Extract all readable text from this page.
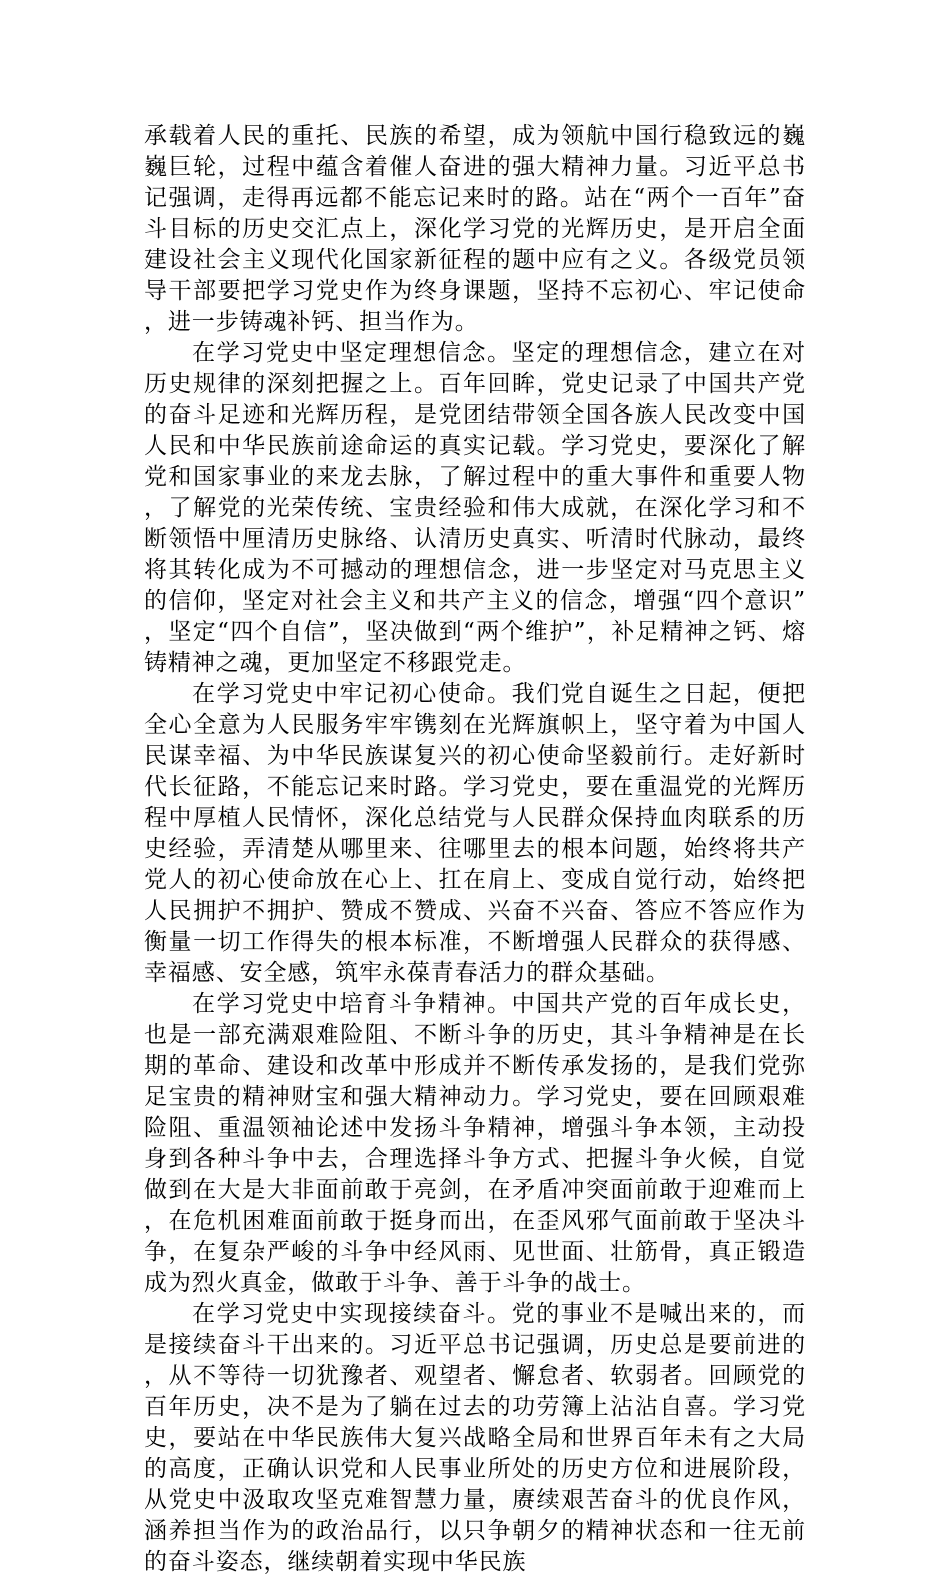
承载着人民的重托、民族的希望，成为领航中国行稳致远的巍巍巨轮，过程中蕴含着催人奋进的强大精神力量。习近平总书记强调，走得再远都不能忘记来时的路。站在“两个一百年”奋斗目标的历史交汇点上，深化学习党的光辉历史，是开启全面建设社会主义现代化国家新征程的题中应有之义。各级党员领导干部要把学习党史作为终身课题，坚持不忘初心、牢记使命，进一步铸魂补钙、担当作为。

在学习党史中坚定理想信念。坚定的理想信念，建立在对历史规律的深刻把握之上。百年回眸，党史记录了中国共产党的奋斗足迹和光辉历程，是党团结带领全国各族人民改变中国人民和中华民族前途命运的真实记载。学习党史，要深化了解党和国家事业的来龙去脉，了解过程中的重大事件和重要人物，了解党的光荣传统、宝贵经验和伟大成就，在深化学习和不断领悟中厘清历史脉络、认清历史真实、听清时代脉动，最终将其转化成为不可撼动的理想信念，进一步坚定对马克思主义的信仰，坚定对社会主义和共产主义的信念，增强“四个意识”，坚定“四个自信”，坚决做到“两个维护”，补足精神之钙、熔铸精神之魂，更加坚定不移跟党走。

在学习党史中牢记初心使命。我们党自诞生之日起，便把全心全意为人民服务牢牢镌刻在光辉旗帜上，坚守着为中国人民谋幸福、为中华民族谋复兴的初心使命坚毅前行。走好新时代长征路，不能忘记来时路。学习党史，要在重温党的光辉历程中厚植人民情怀，深化总结党与人民群众保持血肉联系的历史经验，弄清楚从哪里来、往哪里去的根本问题，始终将共产党人的初心使命放在心上、扛在肩上、变成自觉行动，始终把人民拥护不拥护、赞成不赞成、兴奋不兴奋、答应不答应作为衡量一切工作得失的根本标准，不断增强人民群众的获得感、幸福感、安全感，筑牢永葆青春活力的群众基础。

在学习党史中培育斗争精神。中国共产党的百年成长史，也是一部充满艰难险阻、不断斗争的历史，其斗争精神是在长期的革命、建设和改革中形成并不断传承发扬的，是我们党弥足宝贵的精神财宝和强大精神动力。学习党史，要在回顾艰难险阻、重温领袖论述中发扬斗争精神，增强斗争本领，主动投身到各种斗争中去，合理选择斗争方式、把握斗争火候，自觉做到在大是大非面前敢于亮剑，在矛盾冲突面前敢于迎难而上，在危机困难面前敢于挺身而出，在歪风邪气面前敢于坚决斗争，在复杂严峻的斗争中经风雨、见世面、壮筋骨，真正锻造成为烈火真金，做敢于斗争、善于斗争的战士。

在学习党史中实现接续奋斗。党的事业不是喊出来的，而是接续奋斗干出来的。习近平总书记强调，历史总是要前进的，从不等待一切犹豫者、观望者、懈怠者、软弱者。回顾党的百年历史，决不是为了躺在过去的功劳簿上沾沾自喜。学习党史，要站在中华民族伟大复兴战略全局和世界百年未有之大局的高度，正确认识党和人民事业所处的历史方位和进展阶段，从党史中汲取攻坚克难智慧力量，赓续艰苦奋斗的优良作风，涵养担当作为的政治品行，以只争朝夕的精神状态和一往无前的奋斗姿态，继续朝着实现中华民族
